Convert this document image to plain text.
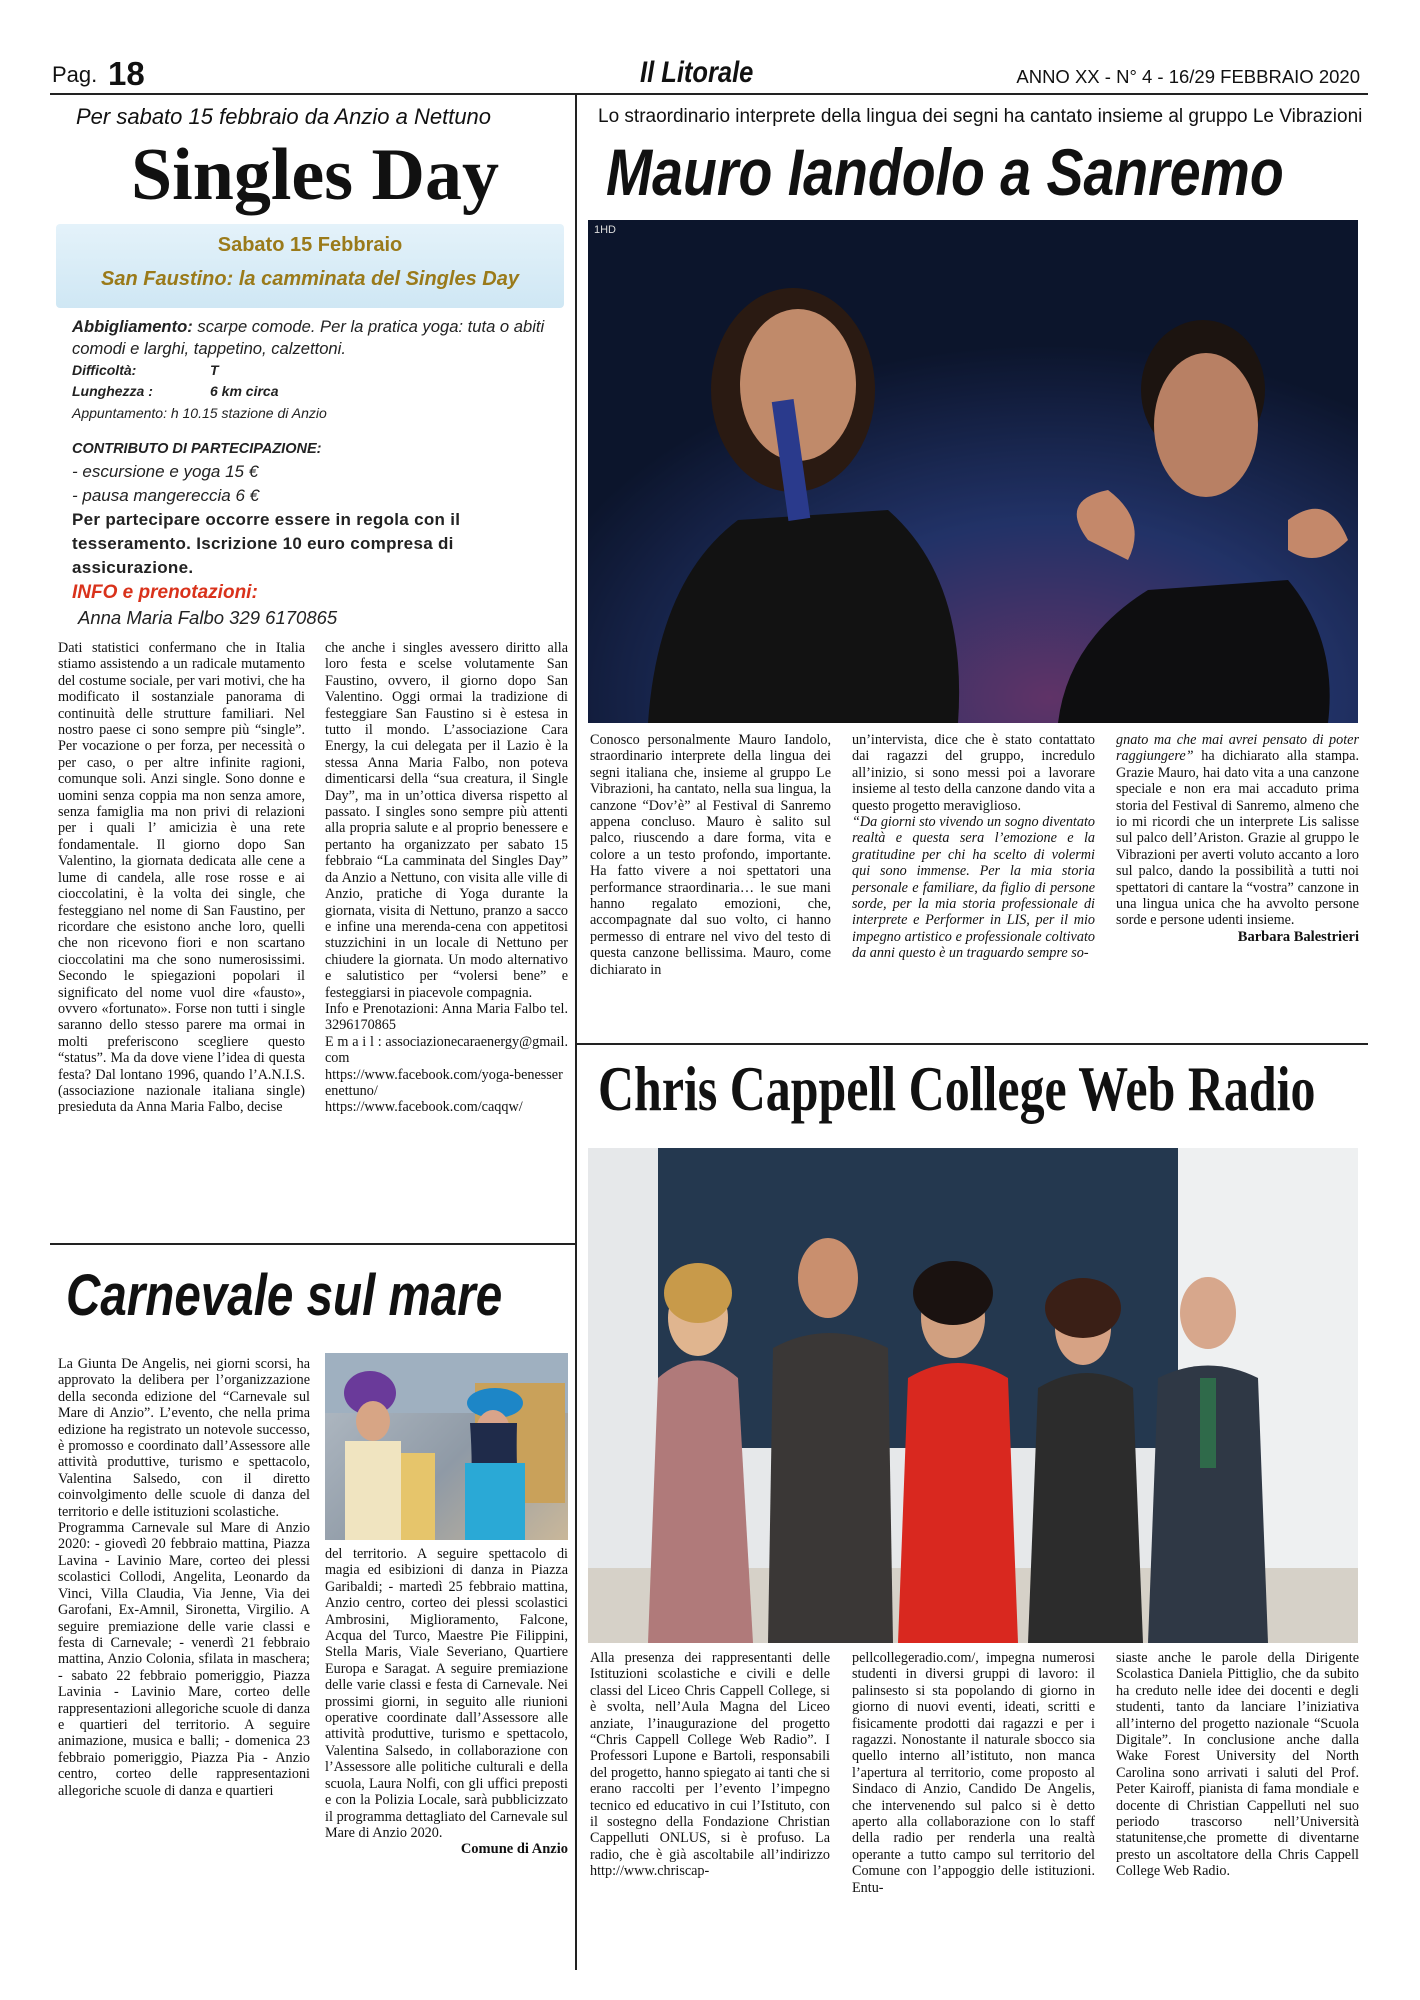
Pag. 18	Il Litorale	ANNO XX - N° 4 - 16/29 FEBBRAIO 2020
Per sabato 15 febbraio da Anzio a Nettuno
Singles Day
Sabato 15 Febbraio
San Faustino: la camminata del Singles Day
Abbigliamento: scarpe comode. Per la pratica yoga: tuta o abiti comodi e larghi, tappetino, calzettoni.
Difficoltà:	T
Lunghezza :	6 km circa
Appuntamento: h 10.15 stazione di Anzio
CONTRIBUTO DI PARTECIPAZIONE:
- escursione e yoga 15 €
- pausa mangereccia 6 €
Per partecipare occorre essere in regola con il tesseramento. Iscrizione 10 euro compresa di assicurazione.
INFO e prenotazioni:
Anna Maria Falbo 329 6170865

Dati statistici confermano che in Italia stiamo assistendo a un radicale mutamento del costume sociale, per vari motivi, che ha modificato il sostanziale panorama di continuità delle strutture familiari. Nel nostro paese ci sono sempre più “single”. Per vocazione o per forza, per necessità o per caso, o per altre infinite ragioni, comunque soli. Anzi single. Sono donne e uomini senza coppia ma non senza amore, senza famiglia ma non privi di relazioni per i quali l’ amicizia è una rete fondamentale. Il giorno dopo San Valentino, la giornata dedicata alle cene a lume di candela, alle rose rosse e ai cioccolatini, è la volta dei single, che festeggiano nel nome di San Faustino, per ricordare che esistono anche loro, quelli che non ricevono fiori e non scartano cioccolatini ma che sono numerosissimi. Secondo le spiegazioni popolari il significato del nome vuol dire «fausto», ovvero «fortunato». Forse non tutti i single saranno dello stesso parere ma ormai in molti preferiscono scegliere questo “status”. Ma da dove viene l’idea di questa festa? Dal lontano 1996, quando l’A.N.I.S. (associazione nazionale italiana single) presieduta da Anna Maria Falbo, decise

che anche i singles avessero diritto alla loro festa e scelse volutamente San Faustino, ovvero, il giorno dopo San Valentino. Oggi ormai la tradizione di festeggiare San Faustino si è estesa in tutto il mondo. L’associazione Cara Energy, la cui delegata per il Lazio è la stessa Anna Maria Falbo, non poteva dimenticarsi della “sua creatura, il Single Day”, ma in un’ottica diversa rispetto al passato. I singles sono sempre più attenti alla propria salute e al proprio benessere e pertanto ha organizzato per sabato 15 febbraio “La camminata del Singles Day” da Anzio a Nettuno, con visita alle ville di Anzio, pratiche di Yoga durante la giornata, visita di Nettuno, pranzo a sacco e infine una merenda-cena con appetitosi stuzzichini in un locale di Nettuno per chiudere la giornata. Un modo alternativo e salutistico per “volersi bene” e festeggiarsi in piacevole compagnia.

Info e Prenotazioni: Anna Maria Falbo tel. 3296170865

E m a i l : associazionecaraenergy@gmail.com

https://www.facebook.com/yoga-benesserenettuno/

https://www.facebook.com/caqqw/

Carnevale sul mare

La Giunta De Angelis, nei giorni scorsi, ha approvato la delibera per l’organizzazione della seconda edizione del “Carnevale sul Mare di Anzio”. L’evento, che nella prima edizione ha registrato un notevole successo, è promosso e coordinato dall’Assessore alle attività produttive, turismo e spettacolo, Valentina Salsedo, con il diretto coinvolgimento delle scuole di danza del territorio e delle istituzioni scolastiche.

Programma Carnevale sul Mare di Anzio 2020: - giovedì 20 febbraio mattina, Piazza Lavina - Lavinio Mare, corteo dei plessi scolastici Collodi, Angelita, Leonardo da Vinci, Villa Claudia, Via Jenne, Via dei Garofani, Ex-Amnil, Sironetta, Virgilio. A seguire premiazione delle varie classi e festa di Carnevale; - venerdì 21 febbraio mattina, Anzio Colonia, sfilata in maschera; - sabato 22 febbraio pomeriggio, Piazza Lavinia - Lavinio Mare, corteo delle rappresentazioni allegoriche scuole di danza e quartieri del territorio. A seguire animazione, musica e balli; - domenica 23 febbraio pomeriggio, Piazza Pia - Anzio centro, corteo delle rappresentazioni allegoriche scuole di danza e quartieri

del territorio. A seguire spettacolo di magia ed esibizioni di danza in Piazza Garibaldi; - martedì 25 febbraio mattina, Anzio centro, corteo dei plessi scolastici Ambrosini, Miglioramento, Falcone, Acqua del Turco, Maestre Pie Filippini, Stella Maris, Viale Severiano, Quartiere Europa e Saragat. A seguire premiazione delle varie classi e festa di Carnevale. Nei prossimi giorni, in seguito alle riunioni operative coordinate dall’Assessore alle attività produttive, turismo e spettacolo, Valentina Salsedo, in collaborazione con l’Assessore alle politiche culturali e della scuola, Laura Nolfi, con gli uffici preposti e con la Polizia Locale, sarà pubblicizzato il programma dettagliato del Carnevale sul Mare di Anzio 2020.

Comune di Anzio

Lo straordinario interprete della lingua dei segni ha cantato insieme al gruppo Le Vibrazioni
Mauro Iandolo a Sanremo
1HD

Conosco personalmente Mauro Iandolo, straordinario interprete della lingua dei segni italiana che, insieme al gruppo Le Vibrazioni, ha cantato, nella sua lingua, la canzone “Dov’è” al Festival di Sanremo appena concluso. Mauro è salito sul palco, riuscendo a dare forma, vita e colore a un testo profondo, importante. Ha fatto vivere a noi spettatori una performance straordinaria… le sue mani hanno regalato emozioni, che, accompagnate dal suo volto, ci hanno permesso di entrare nel vivo del testo di questa canzone bellissima. Mauro, come dichiarato in

un’intervista, dice che è stato contattato dai ragazzi del gruppo, incredulo all’inizio, si sono messi poi a lavorare insieme al testo della canzone dando vita a questo progetto meraviglioso.

“Da giorni sto vivendo un sogno diventato realtà e questa sera l’emozione e la gratitudine per chi ha scelto di volermi qui sono immense. Per la mia storia personale e familiare, da figlio di persone sorde, per la mia storia professionale di interprete e Performer in LIS, per il mio impegno artistico e professionale coltivato da anni questo è un traguardo sempre so-

gnato ma che mai avrei pensato di poter raggiungere” ha dichiarato alla stampa. Grazie Mauro, hai dato vita a una canzone speciale e non era mai accaduto prima storia del Festival di Sanremo, almeno che io mi ricordi che un interprete Lis salisse sul palco dell’Ariston. Grazie al gruppo le Vibrazioni per averti voluto accanto a loro sul palco, dando la possibilità a tutti noi spettatori di cantare la “vostra” canzone in una lingua unica che ha avvolto persone sorde e persone udenti insieme.

Barbara Balestrieri

Chris Cappell College Web Radio

Alla presenza dei rappresentanti delle Istituzioni scolastiche e civili e delle classi del Liceo Chris Cappell College, si è svolta, nell’Aula Magna del Liceo anziate, l’inaugurazione del progetto “Chris Cappell College Web Radio”. I Professori Lupone e Bartoli, responsabili del progetto, hanno spiegato ai tanti che si erano raccolti per l’evento l’impegno tecnico ed educativo in cui l’Istituto, con il sostegno della Fondazione Christian Cappelluti ONLUS, si è profuso. La radio, che è già ascoltabile all’indirizzo http://www.chriscap-

pellcollegeradio.com/, impegna numerosi studenti in diversi gruppi di lavoro: il palinsesto si sta popolando di giorno in giorno di nuovi eventi, ideati, scritti e fisicamente prodotti dai ragazzi e per i ragazzi. Nonostante il naturale sbocco sia quello interno all’istituto, non manca l’apertura al territorio, come proposto al Sindaco di Anzio, Candido De Angelis, che intervenendo sul palco si è detto aperto alla collaborazione con lo staff della radio per renderla una realtà operante a tutto campo sul territorio del Comune con l’appoggio delle istituzioni. Entu-

siaste anche le parole della Dirigente Scolastica Daniela Pittiglio, che da subito ha creduto nelle idee dei docenti e degli studenti, tanto da lanciare l’iniziativa all’interno del progetto nazionale “Scuola Digitale”. In conclusione anche dalla Wake Forest University del North Carolina sono arrivati i saluti del Prof. Peter Kairoff, pianista di fama mondiale e docente di Christian Cappelluti nel suo periodo trascorso nell’Università statunitense,che promette di diventarne presto un ascoltatore della Chris Cappell College Web Radio.
